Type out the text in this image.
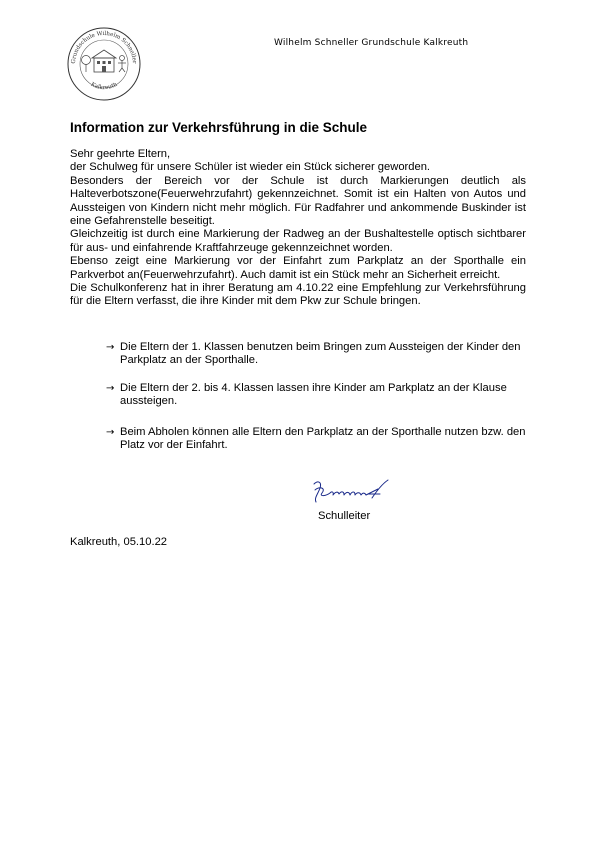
Grundschule Wilhelm Schneller
Kalkreuth
Wilhelm Schneller Grundschule Kalkreuth
Information zur Verkehrsführung in die Schule

Sehr geehrte Eltern,

der Schulweg für unsere Schüler ist wieder ein Stück sicherer geworden.

Besonders der Bereich vor der Schule ist durch Markierungen deutlich als Halteverbotszone(Feuerwehrzufahrt) gekennzeichnet. Somit ist ein Halten von Autos und Aussteigen von Kindern nicht mehr möglich. Für Radfahrer und ankommende Buskinder ist eine Gefahrenstelle beseitigt.

Gleichzeitig ist durch eine Markierung der Radweg an der Bushaltestelle optisch sichtbarer für aus- und einfahrende Kraftfahrzeuge gekennzeichnet worden.

Ebenso zeigt eine Markierung vor der Einfahrt zum Parkplatz an der Sporthalle ein Parkverbot an(Feuerwehrzufahrt). Auch damit ist ein Stück mehr an Sicherheit erreicht.

Die Schulkonferenz hat in ihrer Beratung am 4.10.22 eine Empfehlung zur Verkehrsführung für die Eltern verfasst, die ihre Kinder mit dem Pkw zur Schule bringen.

→ Die Eltern der 1. Klassen benutzen beim Bringen zum Aussteigen der Kinder den Parkplatz an der Sporthalle.
→ Die Eltern der 2. bis 4. Klassen lassen ihre Kinder am Parkplatz an der Klause aussteigen.
→ Beim Abholen können alle Eltern den Parkplatz an der Sporthalle nutzen bzw. den Platz vor der Einfahrt.
Schulleiter
Kalkreuth, 05.10.22
